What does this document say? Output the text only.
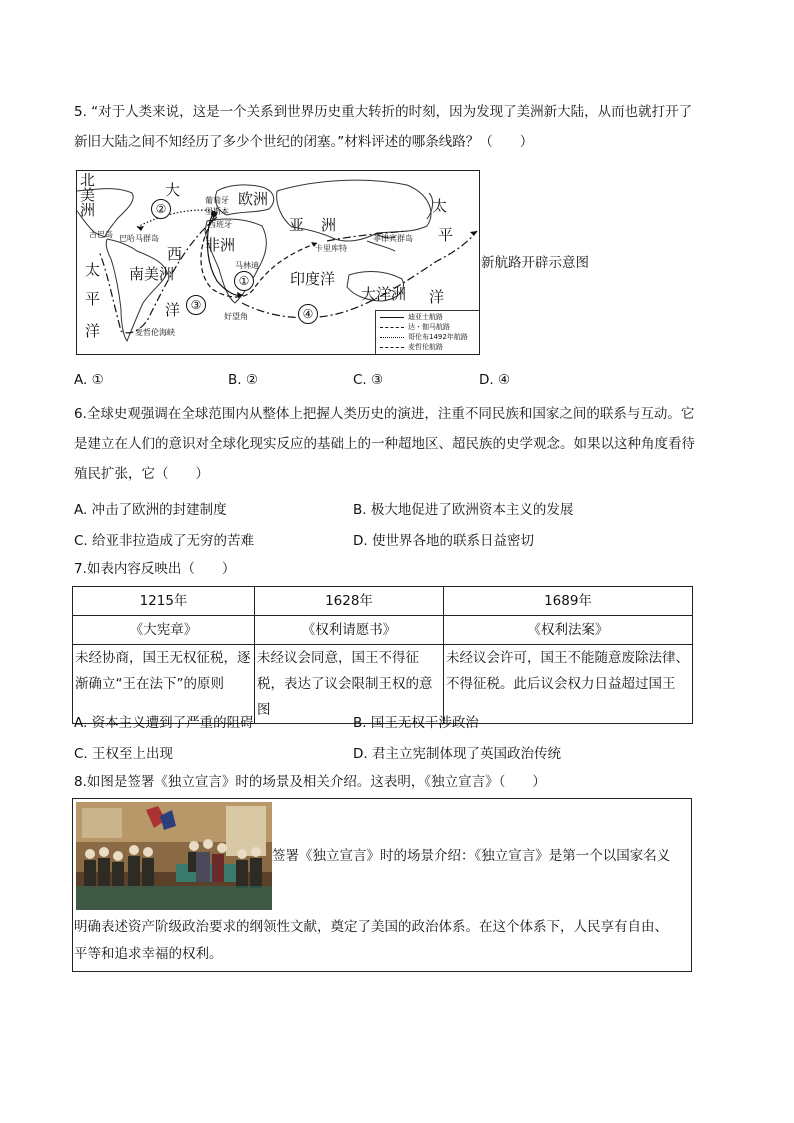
5. “对于人类来说，这是一个关系到世界历史重大转折的时刻，因为发现了美洲新大陆，从而也就打开了
新旧大陆之间不知经历了多少个世纪的闭塞。”材料评述的哪条线路？（　　）
北
美
洲
大
葡萄牙
里斯本
西班牙
欧洲
亚 洲
太
平
古巴岛 巴哈马群岛	非洲
西
菲律宾群岛
卡里库特
太
平
洋
南美洲	马林迪
印度洋
大洋洲
洋
洋
好望角
麦哲伦海峡
②
①
③
④	迪亚士航路
达・伽马航路
哥伦布1492年航路
麦哲伦航路
新航路开辟示意图
A. ①	B. ②	C. ③	D. ④
6.全球史观强调在全球范围内从整体上把握人类历史的演进，注重不同民族和国家之间的联系与互动。它
是建立在人们的意识对全球化现实反应的基础上的一种超地区、超民族的史学观念。如果以这种角度看待
殖民扩张，它（　　）
A. 冲击了欧洲的封建制度	B. 极大地促进了欧洲资本主义的发展
C. 给亚非拉造成了无穷的苦难	D. 使世界各地的联系日益密切
7.如表内容反映出（　　）
1215年	1628年	1689年
《大宪章》	《权利请愿书》	《权利法案》
未经协商，国王无权征税，逐渐确立“王在法下”的原则	未经议会同意，国王不得征税，表达了议会限制王权的意图	未经议会许可，国王不能随意废除法律、不得征税。此后议会权力日益超过国王
A. 资本主义遭到了严重的阻碍	B. 国王无权干涉政治
C. 王权至上出现	D. 君主立宪制体现了英国政治传统
8.如图是签署《独立宣言》时的场景及相关介绍。这表明，《独立宣言》（　　）
签署《独立宣言》时的场景介绍：《独立宣言》是第一个以国家名义
明确表述资产阶级政治要求的纲领性文献，奠定了美国的政治体系。在这个体系下，人民享有自由、
平等和追求幸福的权利。
